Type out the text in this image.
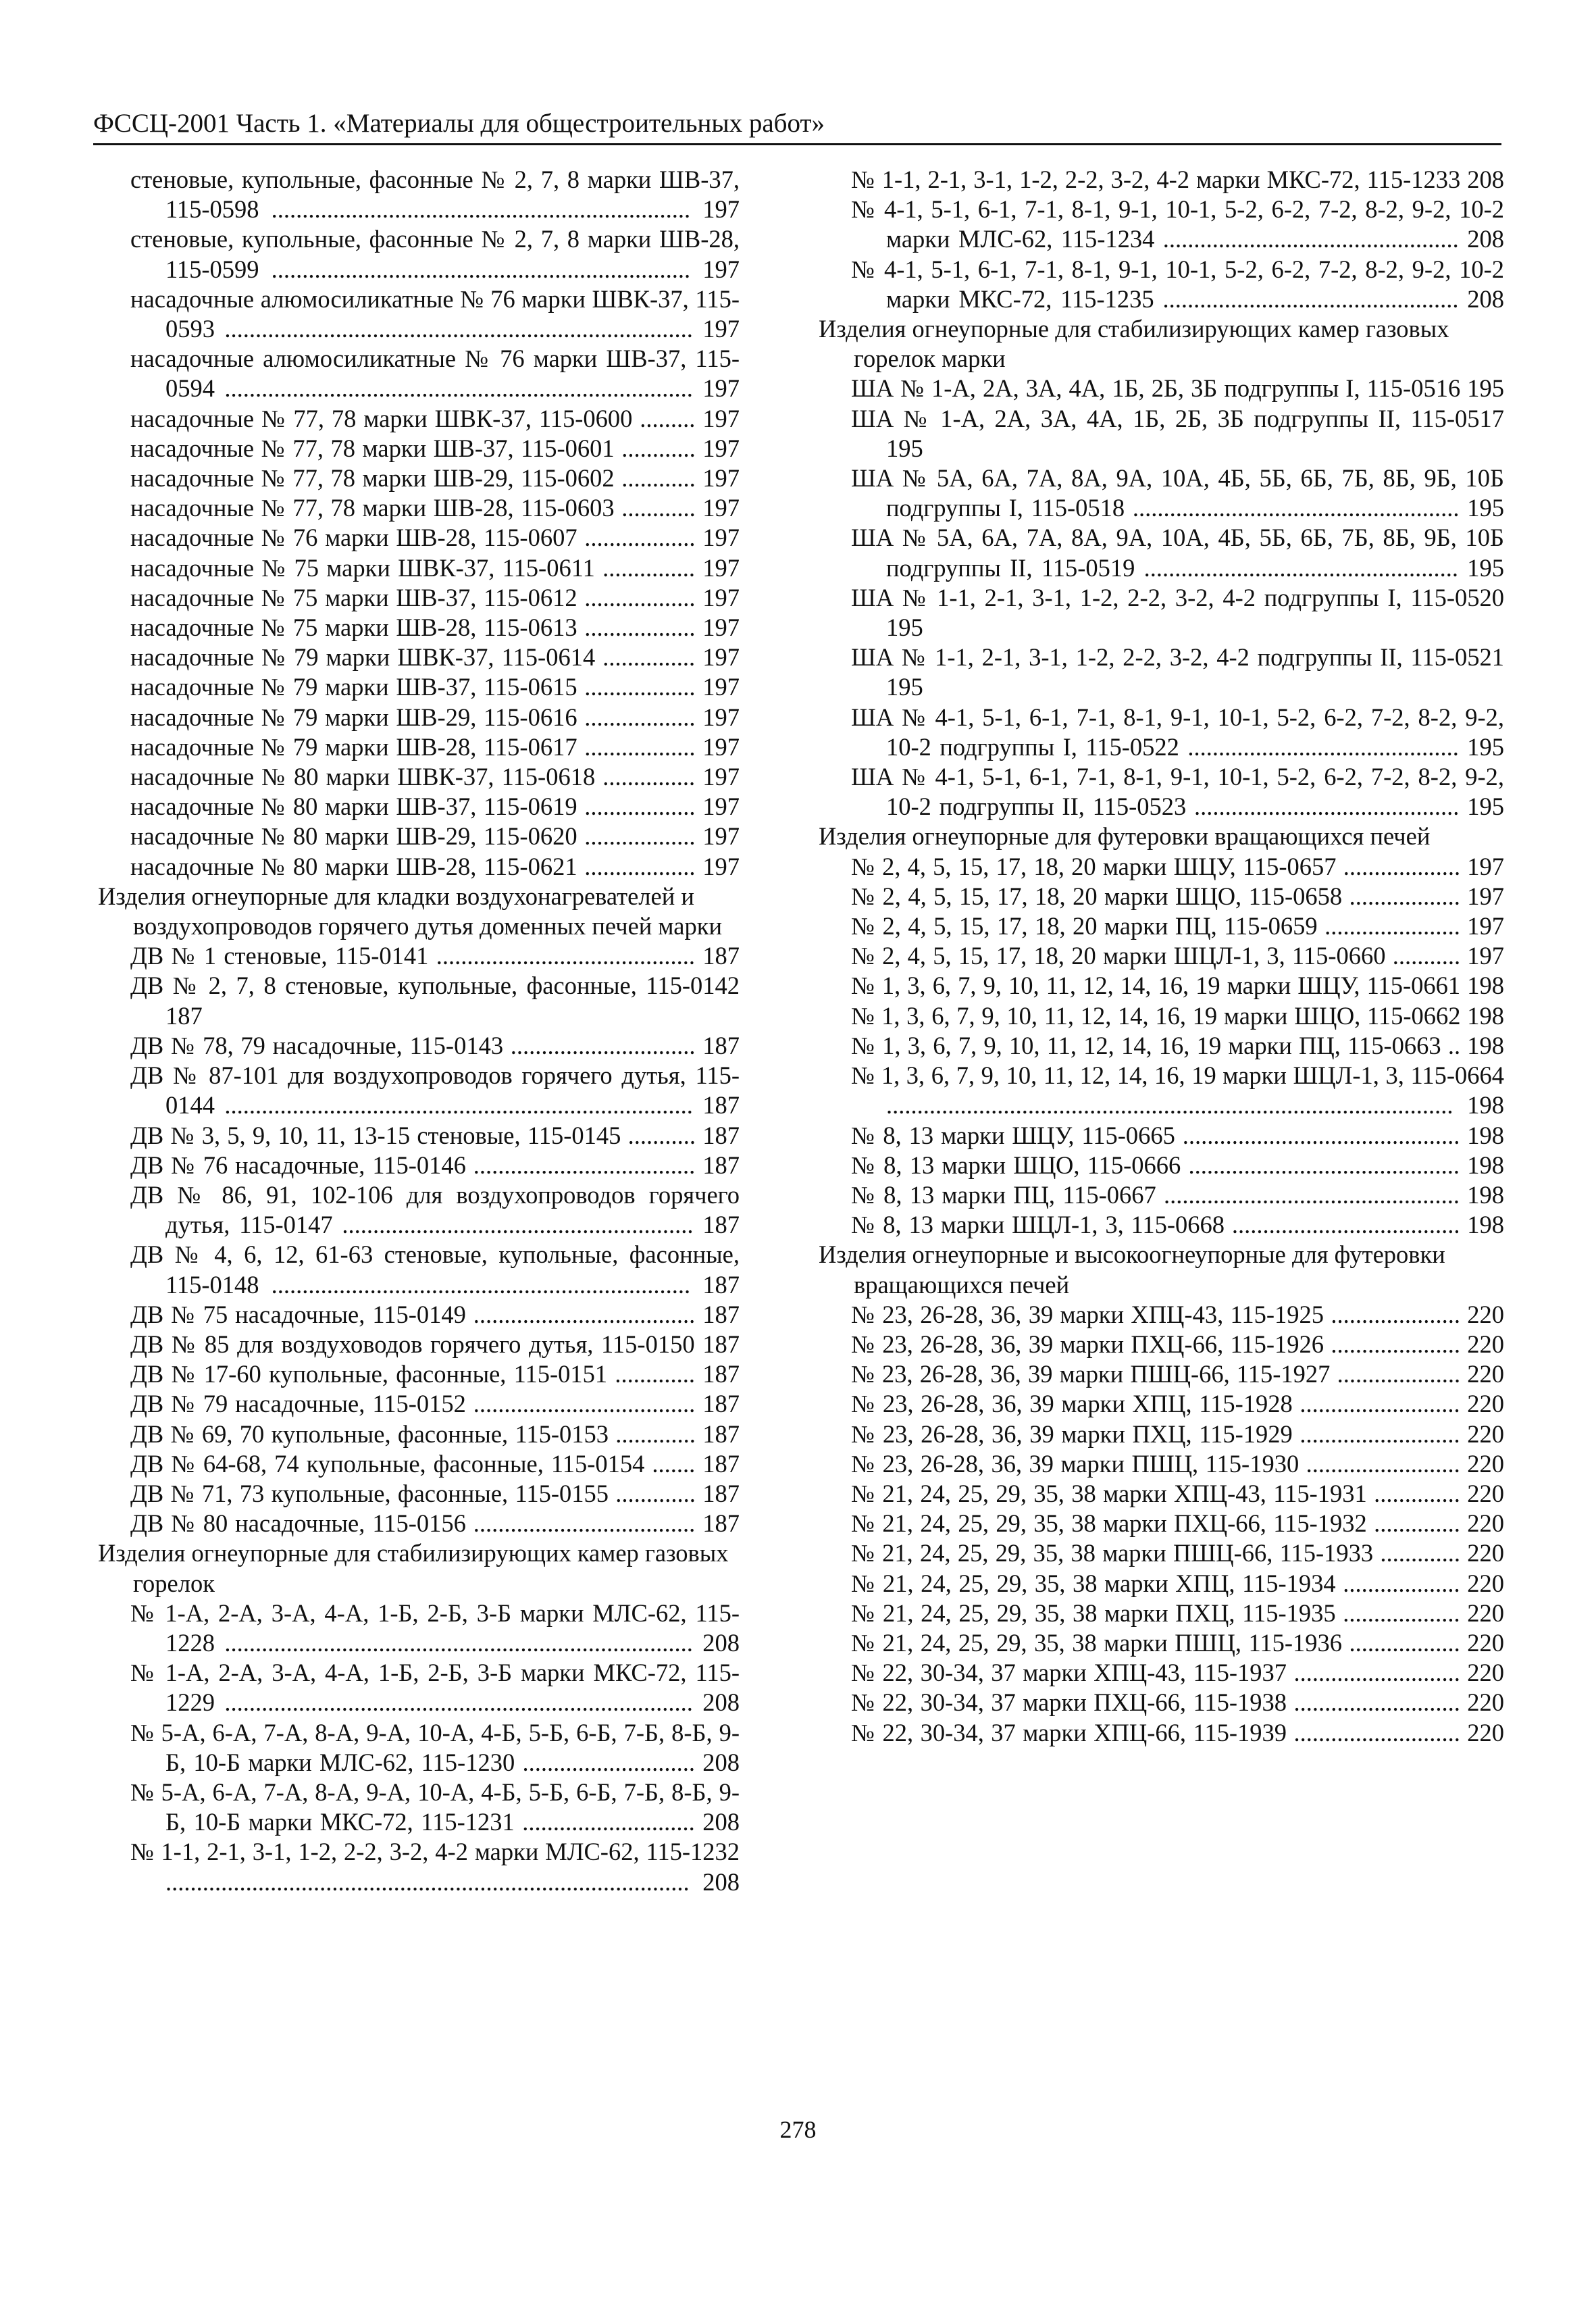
ФССЦ-2001 Часть 1. «Материалы для общестроительных работ»
стеновые, купольные, фасонные № 2, 7, 8 марки ШВ-37, 115-0598 .................................................................... 197
стеновые, купольные, фасонные № 2, 7, 8 марки ШВ-28, 115-0599 .................................................................... 197
насадочные алюмосиликатные № 76 марки ШВК-37, 115-0593 ............................................................................ 197
насадочные алюмосиликатные № 76 марки ШВ-37, 115-0594 ............................................................................ 197
насадочные № 77, 78 марки ШВК-37, 115-0600 ......... 197
насадочные № 77, 78 марки ШВ-37, 115-0601 ............ 197
насадочные № 77, 78 марки ШВ-29, 115-0602 ............ 197
насадочные № 77, 78 марки ШВ-28, 115-0603 ............ 197
насадочные № 76 марки ШВ-28, 115-0607 .................. 197
насадочные № 75 марки ШВК-37, 115-0611 ............... 197
насадочные № 75 марки ШВ-37, 115-0612 .................. 197
насадочные № 75 марки ШВ-28, 115-0613 .................. 197
насадочные № 79 марки ШВК-37, 115-0614 ............... 197
насадочные № 79 марки ШВ-37, 115-0615 .................. 197
насадочные № 79 марки ШВ-29, 115-0616 .................. 197
насадочные № 79 марки ШВ-28, 115-0617 .................. 197
насадочные № 80 марки ШВК-37, 115-0618 ............... 197
насадочные № 80 марки ШВ-37, 115-0619 .................. 197
насадочные № 80 марки ШВ-29, 115-0620 .................. 197
насадочные № 80 марки ШВ-28, 115-0621 .................. 197
Изделия огнеупорные для кладки воздухонагревателей и воздухопроводов горячего дутья доменных печей марки
ДВ № 1 стеновые, 115-0141 .......................................... 187
ДВ № 2, 7, 8 стеновые, купольные, фасонные, 115-0142 187
ДВ № 78, 79 насадочные, 115-0143 .............................. 187
ДВ № 87-101 для воздухопроводов горячего дутья, 115-0144 ............................................................................ 187
ДВ № 3, 5, 9, 10, 11, 13-15 стеновые, 115-0145 ........... 187
ДВ № 76 насадочные, 115-0146 .................................... 187
ДВ № 86, 91, 102-106 для воздухопроводов горячего дутья, 115-0147 ......................................................... 187
ДВ № 4, 6, 12, 61-63 стеновые, купольные, фасонные, 115-0148 .................................................................... 187
ДВ № 75 насадочные, 115-0149 .................................... 187
ДВ № 85 для воздуховодов горячего дутья, 115-0150 187
ДВ № 17-60 купольные, фасонные, 115-0151 ............. 187
ДВ № 79 насадочные, 115-0152 .................................... 187
ДВ № 69, 70 купольные, фасонные, 115-0153 ............. 187
ДВ № 64-68, 74 купольные, фасонные, 115-0154 ....... 187
ДВ № 71, 73 купольные, фасонные, 115-0155 ............. 187
ДВ № 80 насадочные, 115-0156 .................................... 187
Изделия огнеупорные для стабилизирующих камер газовых горелок
№ 1-А, 2-А, 3-А, 4-А, 1-Б, 2-Б, 3-Б марки МЛС-62, 115-1228 ............................................................................ 208
№ 1-А, 2-А, 3-А, 4-А, 1-Б, 2-Б, 3-Б марки МКС-72, 115-1229 ............................................................................ 208
№ 5-А, 6-А, 7-А, 8-А, 9-А, 10-А, 4-Б, 5-Б, 6-Б, 7-Б, 8-Б, 9-Б, 10-Б марки МЛС-62, 115-1230 ............................ 208
№ 5-А, 6-А, 7-А, 8-А, 9-А, 10-А, 4-Б, 5-Б, 6-Б, 7-Б, 8-Б, 9-Б, 10-Б марки МКС-72, 115-1231 ............................ 208
№ 1-1, 2-1, 3-1, 1-2, 2-2, 3-2, 4-2 марки МЛС-62, 115-1232 ..................................................................................... 208
№ 1-1, 2-1, 3-1, 1-2, 2-2, 3-2, 4-2 марки МКС-72, 115-1233 208
№ 4-1, 5-1, 6-1, 7-1, 8-1, 9-1, 10-1, 5-2, 6-2, 7-2, 8-2, 9-2, 10-2 марки МЛС-62, 115-1234 ................................................ 208
№ 4-1, 5-1, 6-1, 7-1, 8-1, 9-1, 10-1, 5-2, 6-2, 7-2, 8-2, 9-2, 10-2 марки МКС-72, 115-1235 ................................................ 208
Изделия огнеупорные для стабилизирующих камер газовых горелок марки
ША № 1-А, 2А, 3А, 4А, 1Б, 2Б, 3Б подгруппы I, 115-0516 195
ША № 1-А, 2А, 3А, 4А, 1Б, 2Б, 3Б подгруппы II, 115-0517 195
ША № 5А, 6А, 7А, 8А, 9А, 10А, 4Б, 5Б, 6Б, 7Б, 8Б, 9Б, 10Б подгруппы I, 115-0518 ..................................................... 195
ША № 5А, 6А, 7А, 8А, 9А, 10А, 4Б, 5Б, 6Б, 7Б, 8Б, 9Б, 10Б подгруппы II, 115-0519 ................................................... 195
ША № 1-1, 2-1, 3-1, 1-2, 2-2, 3-2, 4-2 подгруппы I, 115-0520 195
ША № 1-1, 2-1, 3-1, 1-2, 2-2, 3-2, 4-2 подгруппы II, 115-0521 195
ША № 4-1, 5-1, 6-1, 7-1, 8-1, 9-1, 10-1, 5-2, 6-2, 7-2, 8-2, 9-2, 10-2 подгруппы I, 115-0522 ............................................ 195
ША № 4-1, 5-1, 6-1, 7-1, 8-1, 9-1, 10-1, 5-2, 6-2, 7-2, 8-2, 9-2, 10-2 подгруппы II, 115-0523 ........................................... 195
Изделия огнеупорные для футеровки вращающихся печей
№ 2, 4, 5, 15, 17, 18, 20 марки ШЦУ, 115-0657 ................... 197
№ 2, 4, 5, 15, 17, 18, 20 марки ШЦО, 115-0658 .................. 197
№ 2, 4, 5, 15, 17, 18, 20 марки ПЦ, 115-0659 ...................... 197
№ 2, 4, 5, 15, 17, 18, 20 марки ШЦЛ-1, 3, 115-0660 ........... 197
№ 1, 3, 6, 7, 9, 10, 11, 12, 14, 16, 19 марки ШЦУ, 115-0661 198
№ 1, 3, 6, 7, 9, 10, 11, 12, 14, 16, 19 марки ШЦО, 115-0662 198
№ 1, 3, 6, 7, 9, 10, 11, 12, 14, 16, 19 марки ПЦ, 115-0663 .. 198
№ 1, 3, 6, 7, 9, 10, 11, 12, 14, 16, 19 марки ШЦЛ-1, 3, 115-0664 ............................................................................................ 198
№ 8, 13 марки ШЦУ, 115-0665 ............................................. 198
№ 8, 13 марки ШЦО, 115-0666 ............................................ 198
№ 8, 13 марки ПЦ, 115-0667 ................................................ 198
№ 8, 13 марки ШЦЛ-1, 3, 115-0668 ..................................... 198
Изделия огнеупорные и высокоогнеупорные для футеровки вращающихся печей
№ 23, 26-28, 36, 39 марки ХПЦ-43, 115-1925 ..................... 220
№ 23, 26-28, 36, 39 марки ПХЦ-66, 115-1926 ..................... 220
№ 23, 26-28, 36, 39 марки ПШЦ-66, 115-1927 .................... 220
№ 23, 26-28, 36, 39 марки ХПЦ, 115-1928 .......................... 220
№ 23, 26-28, 36, 39 марки ПХЦ, 115-1929 .......................... 220
№ 23, 26-28, 36, 39 марки ПШЦ, 115-1930 ......................... 220
№ 21, 24, 25, 29, 35, 38 марки ХПЦ-43, 115-1931 .............. 220
№ 21, 24, 25, 29, 35, 38 марки ПХЦ-66, 115-1932 .............. 220
№ 21, 24, 25, 29, 35, 38 марки ПШЦ-66, 115-1933 ............. 220
№ 21, 24, 25, 29, 35, 38 марки ХПЦ, 115-1934 ................... 220
№ 21, 24, 25, 29, 35, 38 марки ПХЦ, 115-1935 ................... 220
№ 21, 24, 25, 29, 35, 38 марки ПШЦ, 115-1936 .................. 220
№ 22, 30-34, 37 марки ХПЦ-43, 115-1937 ........................... 220
№ 22, 30-34, 37 марки ПХЦ-66, 115-1938 ........................... 220
№ 22, 30-34, 37 марки ХПЦ-66, 115-1939 ........................... 220
278
